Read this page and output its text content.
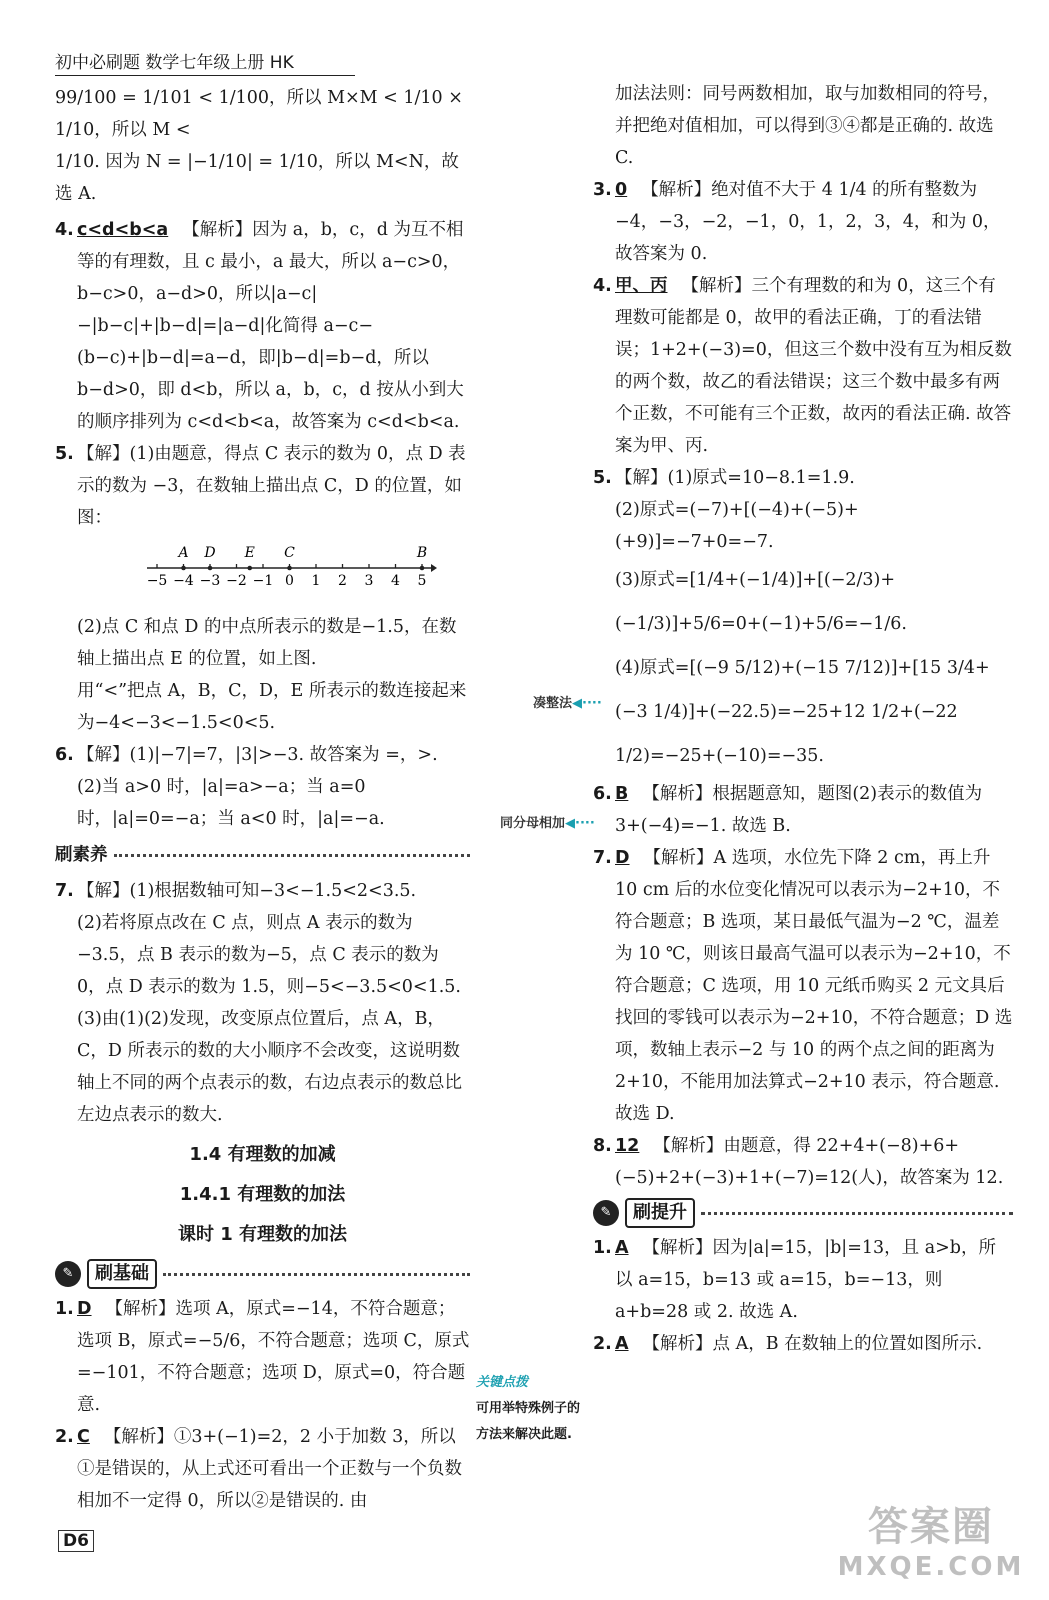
初中必刷题 数学七年级上册 HK

99/100 = 1/101 < 1/100，所以 M×M < 1/10 × 1/10，所以 M <

1/10. 因为 N = |−1/10| = 1/10，所以 M<N，故选 A.

4. c<d<b<a 【解析】因为 a，b，c，d 为互不相等的有理数，且 c 最小，a 最大，所以 a−c>0，b−c>0，a−d>0，所以|a−c|−|b−c|+|b−d|=|a−d|化简得 a−c−(b−c)+|b−d|=a−d，即|b−d|=b−d，所以 b−d>0，即 d<b，所以 a，b，c，d 按从小到大的顺序排列为 c<d<b<a，故答案为 c<d<b<a.
5. 【解】(1)由题意，得点 C 表示的数为 0，点 D 表示的数为 −3，在数轴上描出点 C，D 的位置，如图：

−5 −4 −3 −2 −1 0 1 2 3 4 5
A D E C	B

(2)点 C 和点 D 的中点所表示的数是−1.5，在数轴上描出点 E 的位置，如上图.

用“<”把点 A，B，C，D，E 所表示的数连接起来为−4<−3<−1.5<0<5.

6. 【解】(1)|−7|=7，|3|>−3. 故答案为 =，>.

(2)当 a>0 时，|a|=a>−a；当 a=0 时，|a|=0=−a；当 a<0 时，|a|=−a.

刷素养
7. 【解】(1)根据数轴可知−3<−1.5<2<3.5.

(2)若将原点改在 C 点，则点 A 表示的数为−3.5，点 B 表示的数为−5，点 C 表示的数为 0，点 D 表示的数为 1.5，则−5<−3.5<0<1.5.

(3)由(1)(2)发现，改变原点位置后，点 A，B，C，D 所表示的数的大小顺序不会改变，这说明数轴上不同的两个点表示的数，右边点表示的数总比左边点表示的数大.

1.4 有理数的加减
1.4.1 有理数的加法
课时 1 有理数的加法
✎	刷基础
1. D 【解析】选项 A，原式=−14，不符合题意；选项 B，原式=−5/6，不符合题意；选项 C，原式=−101，不符合题意；选项 D，原式=0，符合题意.
2. C 【解析】①3+(−1)=2，2 小于加数 3，所以①是错误的，从上式还可看出一个正数与一个负数相加不一定得 0，所以②是错误的. 由
D6
凑整法◀····
同分母相加◀····
关键点拨
可用举特殊例子的方法来解决此题.

加法法则：同号两数相加，取与加数相同的符号，并把绝对值相加，可以得到③④都是正确的. 故选 C.

3. 0 【解析】绝对值不大于 4 1/4 的所有整数为 −4，−3，−2，−1，0，1，2，3，4，和为 0，故答案为 0.
4. 甲、丙 【解析】三个有理数的和为 0，这三个有理数可能都是 0，故甲的看法正确，丁的看法错误；1+2+(−3)=0，但这三个数中没有互为相反数的两个数，故乙的看法错误；这三个数中最多有两个正数，不可能有三个正数，故丙的看法正确. 故答案为甲、丙.
5. 【解】(1)原式=10−8.1=1.9.

(2)原式=(−7)+[(−4)+(−5)+(+9)]=−7+0=−7.

(3)原式=[1/4+(−1/4)]+[(−2/3)+(−1/3)]+5/6=0+(−1)+5/6=−1/6.

(4)原式=[(−9 5/12)+(−15 7/12)]+[15 3/4+(−3 1/4)]+(−22.5)=−25+12 1/2+(−22 1/2)=−25+(−10)=−35.

6. B 【解析】根据题意知，题图(2)表示的数值为 3+(−4)=−1. 故选 B.
7. D 【解析】A 选项，水位先下降 2 cm，再上升 10 cm 后的水位变化情况可以表示为−2+10，不符合题意；B 选项，某日最低气温为−2 ℃，温差为 10 ℃，则该日最高气温可以表示为−2+10，不符合题意；C 选项，用 10 元纸币购买 2 元文具后找回的零钱可以表示为−2+10，不符合题意；D 选项，数轴上表示−2 与 10 的两个点之间的距离为 2+10，不能用加法算式−2+10 表示，符合题意. 故选 D.
8. 12 【解析】由题意，得 22+4+(−8)+6+(−5)+2+(−3)+1+(−7)=12(人)，故答案为 12.
✎	刷提升
1. A 【解析】因为|a|=15，|b|=13，且 a>b，所以 a=15，b=13 或 a=15，b=−13，则 a+b=28 或 2. 故选 A.
2. A 【解析】点 A，B 在数轴上的位置如图所示.
答案圈
MXQE.COM
